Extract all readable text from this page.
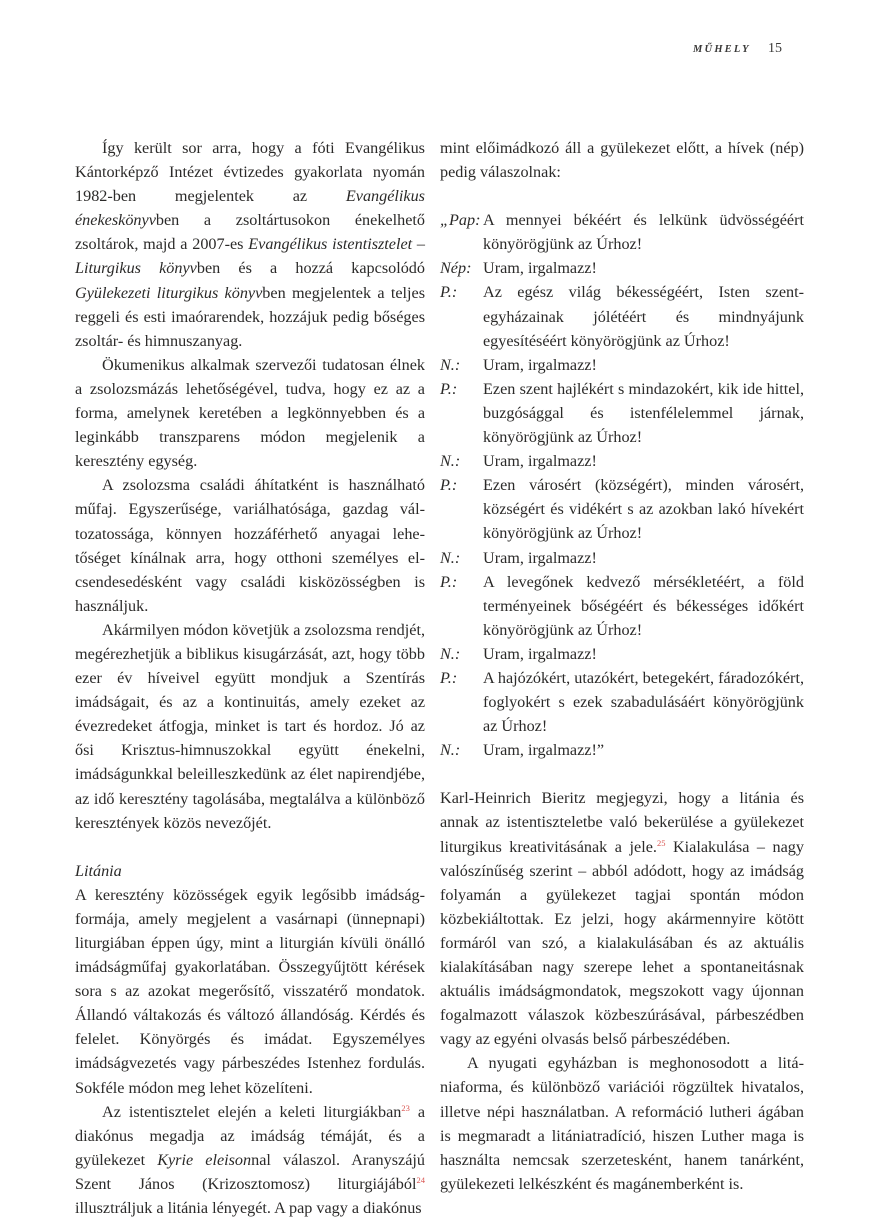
MŰHELY 15

Így került sor arra, hogy a fóti Evangélikus Kántorképző Intézet évtizedes gyakorlata nyomán 1982-ben megjelentek az Evangélikus énekeskönyvben a zsoltártusokon énekelhető zsoltárok, majd a 2007-es Evangélikus istentisztelet – Liturgikus könyvben és a hozzá kapcsolódó Gyülekezeti liturgikus könyvben megjelentek a teljes reggeli és esti imaórarendek, hozzájuk pedig bőséges zsoltár- és himnuszanyag.

Ökumenikus alkalmak szervezői tudatosan élnek a zsolozsmázás lehetőségével, tudva, hogy ez az a forma, amelynek keretében a legkönnyebben és a leginkább transzparens módon megjelenik a keresztény egység.

A zsolozsma családi áhítatként is használható műfaj. Egyszerűsége, variálhatósága, gazdag változatossága, könnyen hozzáférhető anyagai lehetőséget kínálnak arra, hogy otthoni személyes elcsendesedésként vagy családi kisközösségben is használjuk.

Akármilyen módon követjük a zsolozsma rendjét, megérezhetjük a biblikus kisugárzását, azt, hogy több ezer év híveivel együtt mondjuk a Szentírás imádságait, és az a kontinuitás, amely ezeket az évezredeket átfogja, minket is tart és hordoz. Jó az ősi Krisztus-himnuszokkal együtt énekelni, imádságunkkal beleilleszkedünk az élet napirendjébe, az idő keresztény tagolásába, megtalálva a különböző keresztények közös nevezőjét.

Litánia

A keresztény közösségek egyik legősibb imádságformája, amely megjelent a vasárnapi (ünnepnapi) liturgiában éppen úgy, mint a liturgián kívüli önálló imádságműfaj gyakorlatában. Összegyűjtött kérések sora s az azokat megerősítő, visszatérő mondatok. Állandó váltakozás és változó állandóság. Kérdés és felelet. Könyörgés és imádat. Egyszemélyes imádságvezetés vagy párbeszédes Istenhez fordulás. Sokféle módon meg lehet közelíteni.

Az istentisztelet elején a keleti liturgiákban$^{23}$ a diakónus megadja az imádság témáját, és a gyülekezet Kyrie eleisonnal válaszol. Aranyszájú Szent János (Krizosztomosz) liturgiájából$^{24}$ illusztráljuk a litánia lényegét. A pap vagy a diakónus

mint előimádkozó áll a gyülekezet előtt, a hívek (nép) pedig válaszolnak:

„Pap: A mennyei békéért és lelkünk üdvösségéért könyörögjünk az Úrhoz!
Nép: Uram, irgalmazz!
P.:	Az egész világ békességéért, Isten szentegyházainak jólétéért és mindnyájunk egyesítéséért könyörögjünk az Úrhoz!
N.:	Uram, irgalmazz!
P.:	Ezen szent hajlékért s mindazokért, kik ide hittel, buzgósággal és istenfélelemmel járnak, könyörögjünk az Úrhoz!
N.:	Uram, irgalmazz!
P.:	Ezen városért (községért), minden városért, községért és vidékért s az azokban lakó hívekért könyörögjünk az Úrhoz!
N.:	Uram, irgalmazz!
P.:	A levegőnek kedvező mérsékletéért, a föld terményeinek bőségéért és békességes időkért könyörögjünk az Úrhoz!
N.:	Uram, irgalmazz!
P.:	A hajózókért, utazókért, betegekért, fáradozókért, foglyokért s ezek szabadulásáért könyörögjünk az Úrhoz!
N.:	Uram, irgalmazz!”

Karl-Heinrich Bieritz megjegyzi, hogy a litánia és annak az istentiszteletbe való bekerülése a gyülekezet liturgikus kreativitásának a jele.$^{25}$ Kialakulása – nagy valószínűség szerint – abból adódott, hogy az imádság folyamán a gyülekezet tagjai spontán módon közbekiáltottak. Ez jelzi, hogy akármennyire kötött formáról van szó, a kialakulásában és az aktuális kialakításában nagy szerepe lehet a spontaneitásnak aktuális imádságmondatok, megszokott vagy újonnan fogalmazott válaszok közbeszúrásával, párbeszédben vagy az egyéni olvasás belső párbeszédében.

A nyugati egyházban is meghonosodott a litániaforma, és különböző variációi rögzültek hivatalos, illetve népi használatban. A reformáció lutheri ágában is megmaradt a litániatradíció, hiszen Luther maga is használta nemcsak szerzetesként, hanem tanárként, gyülekezeti lelkészként és magánemberként is.
